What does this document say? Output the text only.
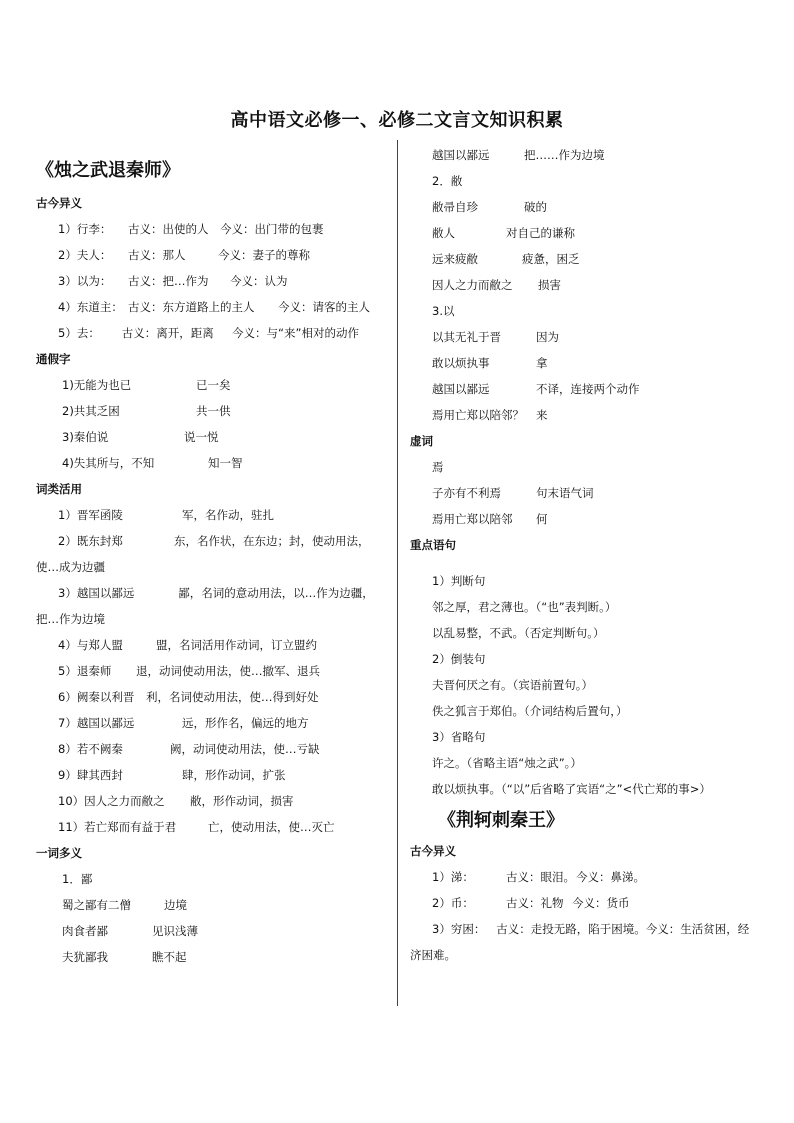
高中语文必修一、必修二文言文知识积累
《烛之武退秦师》
古今异义
1）行李： 古义：出使的人 今义：出门带的包裹
2）夫人： 古义：那人	今义：妻子的尊称
3）以为： 古义：把…作为 今义：认为
4）东道主： 古义：东方道路上的主人 今义：请客的主人
5）去： 古义：离开，距离 今义：与“来”相对的动作
通假字
1)无能为也已	已一矣
2)共其乏困	共一供
3)秦伯说	说一悦
4)失其所与，不知	知一智
词类活用
1）晋军函陵	军，名作动，驻扎
2）既东封郑	东，名作状，在东边；封，使动用法，使…成为边疆
3）越国以鄙远	鄙，名词的意动用法，以…作为边疆，把…作为边境
4）与郑人盟	盟，名词活用作动词，订立盟约
5）退秦师 退，动词使动用法，使…撤军、退兵
6）阙秦以利晋 利，名词使动用法，使…得到好处
7）越国以鄙远	远，形作名，偏远的地方
8）若不阙秦	阙，动词使动用法，使…亏缺
9）肆其西封	肆，形作动词，扩张
10）因人之力而敝之 敝，形作动词，损害
11）若亡郑而有益于君	亡，使动用法，使…灭亡
一词多义
1．鄙
蜀之鄙有二僧	边境
肉食者鄙	见识浅薄
夫犹鄙我	瞧不起
越国以鄙远	把……作为边境
2．敝
敝帚自珍	破的
敝人	对自己的谦称
远来疲敝	疲惫，困乏
因人之力而敝之 损害
3.以
以其无礼于晋	因为
敢以烦执事	拿
越国以鄙远	不译，连接两个动作
焉用亡郑以陪邻？ 来
虚词
焉
子亦有不利焉	句末语气词
焉用亡郑以陪邻 何
重点语句
1）判断句
邻之厚，君之薄也。（“也”表判断。）
以乱易整，不武。（否定判断句。）
2）倒装句
夫晋何厌之有。（宾语前置句。）
佚之狐言于郑伯。（介词结构后置句，）
3）省略句
许之。（省略主语“烛之武”。）
敢以烦执事。（“以”后省略了宾语“之”<代亡郑的事>）
《荆轲刺秦王》
古今异义
1）涕：	古义：眼泪。今义：鼻涕。
2）币：	古义：礼物 今义：货币
3）穷困： 古义：走投无路，陷于困境。今义：生活贫困，经济困难。
